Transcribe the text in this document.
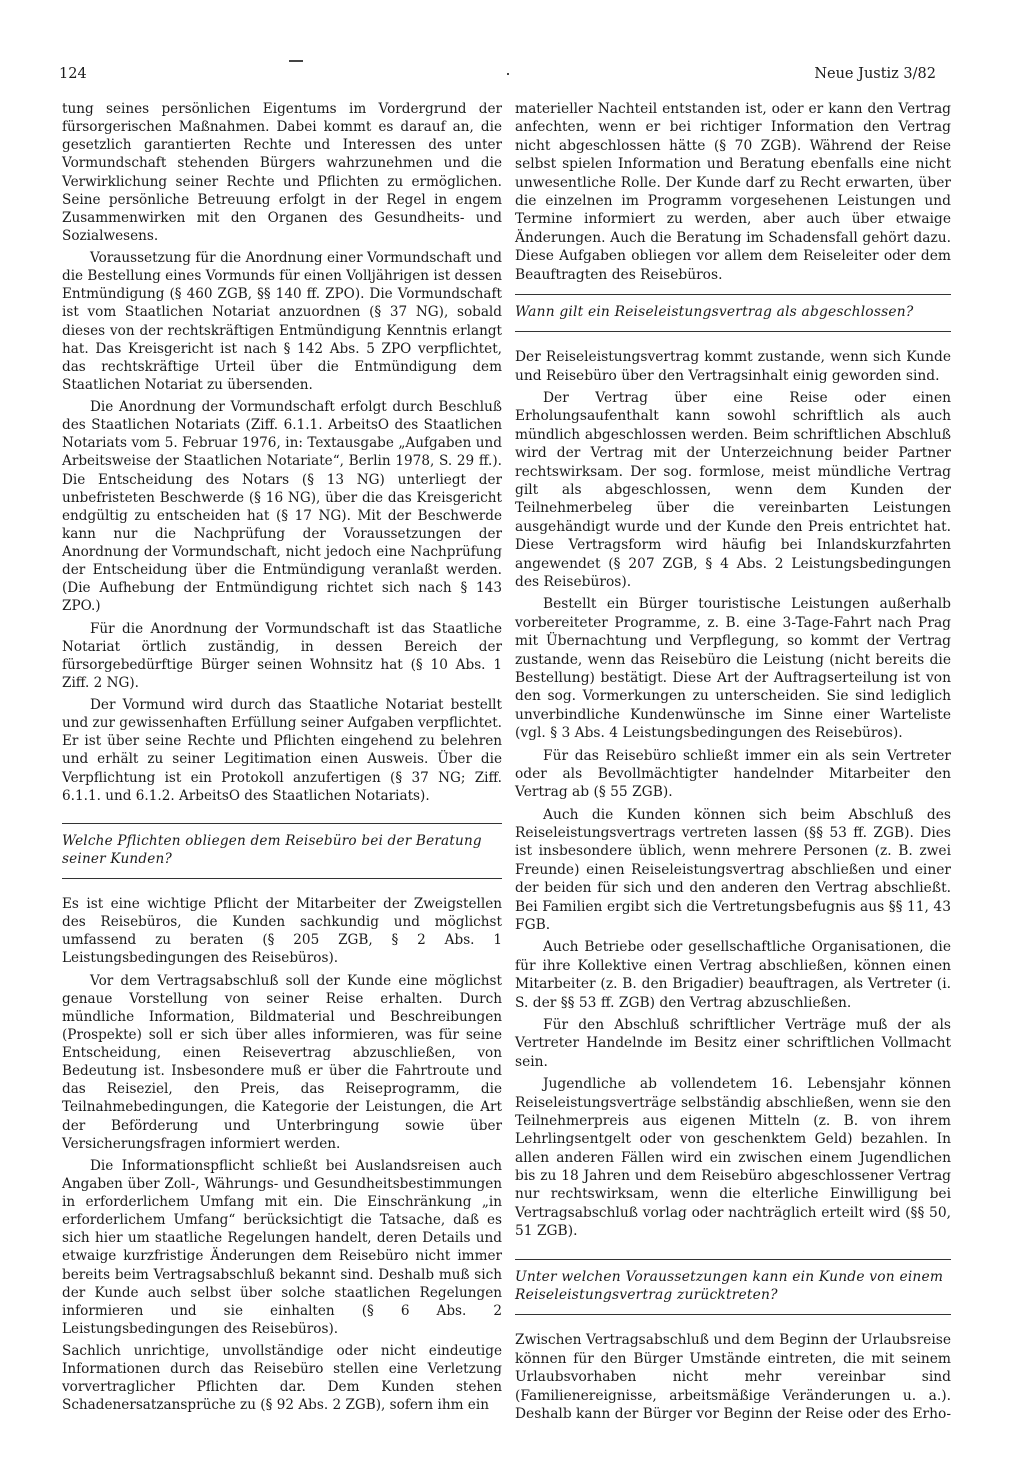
124	Neue Justiz 3/82

tung seines persönlichen Eigentums im Vordergrund der fürsorgerischen Maßnahmen. Dabei kommt es darauf an, die gesetzlich garantierten Rechte und Interessen des unter Vormundschaft stehenden Bürgers wahrzunehmen und die Verwirklichung seiner Rechte und Pflichten zu ermöglichen. Seine persönliche Betreuung erfolgt in der Regel in engem Zusammenwirken mit den Organen des Gesundheits- und Sozialwesens.

Voraussetzung für die Anordnung einer Vormundschaft und die Bestellung eines Vormunds für einen Volljährigen ist dessen Entmündigung (§ 460 ZGB, §§ 140 ff. ZPO). Die Vormundschaft ist vom Staatlichen Notariat anzuordnen (§ 37 NG), sobald dieses von der rechtskräftigen Entmündigung Kenntnis erlangt hat. Das Kreisgericht ist nach § 142 Abs. 5 ZPO verpflichtet, das rechtskräftige Urteil über die Entmündigung dem Staatlichen Notariat zu übersenden.

Die Anordnung der Vormundschaft erfolgt durch Beschluß des Staatlichen Notariats (Ziff. 6.1.1. ArbeitsO des Staatlichen Notariats vom 5. Februar 1976, in: Textausgabe „Aufgaben und Arbeitsweise der Staatlichen Notariate“, Berlin 1978, S. 29 ff.). Die Entscheidung des Notars (§ 13 NG) unterliegt der unbefristeten Beschwerde (§ 16 NG), über die das Kreisgericht endgültig zu entscheiden hat (§ 17 NG). Mit der Beschwerde kann nur die Nachprüfung der Voraussetzungen der Anordnung der Vormundschaft, nicht jedoch eine Nachprüfung der Entscheidung über die Entmündigung veranlaßt werden. (Die Aufhebung der Entmündigung richtet sich nach § 143 ZPO.)

Für die Anordnung der Vormundschaft ist das Staatliche Notariat örtlich zuständig, in dessen Bereich der fürsorgebedürftige Bürger seinen Wohnsitz hat (§ 10 Abs. 1 Ziff. 2 NG).

Der Vormund wird durch das Staatliche Notariat bestellt und zur gewissenhaften Erfüllung seiner Aufgaben verpflichtet. Er ist über seine Rechte und Pflichten eingehend zu belehren und erhält zu seiner Legitimation einen Ausweis. Über die Verpflichtung ist ein Protokoll anzufertigen (§ 37 NG; Ziff. 6.1.1. und 6.1.2. ArbeitsO des Staatlichen Notariats).

Welche Pflichten obliegen dem Reisebüro bei der Beratung seiner Kunden?

Es ist eine wichtige Pflicht der Mitarbeiter der Zweigstellen des Reisebüros, die Kunden sachkundig und möglichst umfassend zu beraten (§ 205 ZGB, § 2 Abs. 1 Leistungsbedingungen des Reisebüros).

Vor dem Vertragsabschluß soll der Kunde eine möglichst genaue Vorstellung von seiner Reise erhalten. Durch mündliche Information, Bildmaterial und Beschreibungen (Prospekte) soll er sich über alles informieren, was für seine Entscheidung, einen Reisevertrag abzuschließen, von Bedeutung ist. Insbesondere muß er über die Fahrtroute und das Reiseziel, den Preis, das Reiseprogramm, die Teilnahmebedingungen, die Kategorie der Leistungen, die Art der Beförderung und Unterbringung sowie über Versicherungsfragen informiert werden.

Die Informationspflicht schließt bei Auslandsreisen auch Angaben über Zoll-, Währungs- und Gesundheitsbestimmungen in erforderlichem Umfang mit ein. Die Einschränkung „in erforderlichem Umfang“ berücksichtigt die Tatsache, daß es sich hier um staatliche Regelungen handelt, deren Details und etwaige kurzfristige Änderungen dem Reisebüro nicht immer bereits beim Vertragsabschluß bekannt sind. Deshalb muß sich der Kunde auch selbst über solche staatlichen Regelungen informieren und sie einhalten (§ 6 Abs. 2 Leistungsbedingungen des Reisebüros).

Sachlich unrichtige, unvollständige oder nicht eindeutige Informationen durch das Reisebüro stellen eine Verletzung vorvertraglicher Pflichten dar. Dem Kunden stehen Schadenersatzansprüche zu (§ 92 Abs. 2 ZGB), sofern ihm ein

materieller Nachteil entstanden ist, oder er kann den Vertrag anfechten, wenn er bei richtiger Information den Vertrag nicht abgeschlossen hätte (§ 70 ZGB). Während der Reise selbst spielen Information und Beratung ebenfalls eine nicht unwesentliche Rolle. Der Kunde darf zu Recht erwarten, über die einzelnen im Programm vorgesehenen Leistungen und Termine informiert zu werden, aber auch über etwaige Änderungen. Auch die Beratung im Schadensfall gehört dazu. Diese Aufgaben obliegen vor allem dem Reiseleiter oder dem Beauftragten des Reisebüros.

Wann gilt ein Reiseleistungsvertrag als abgeschlossen?

Der Reiseleistungsvertrag kommt zustande, wenn sich Kunde und Reisebüro über den Vertragsinhalt einig geworden sind.

Der Vertrag über eine Reise oder einen Erholungsaufenthalt kann sowohl schriftlich als auch mündlich abgeschlossen werden. Beim schriftlichen Abschluß wird der Vertrag mit der Unterzeichnung beider Partner rechtswirksam. Der sog. formlose, meist mündliche Vertrag gilt als abgeschlossen, wenn dem Kunden der Teilnehmerbeleg über die vereinbarten Leistungen ausgehändigt wurde und der Kunde den Preis entrichtet hat. Diese Vertragsform wird häufig bei Inlandskurzfahrten angewendet (§ 207 ZGB, § 4 Abs. 2 Leistungsbedingungen des Reisebüros).

Bestellt ein Bürger touristische Leistungen außerhalb vorbereiteter Programme, z. B. eine 3-Tage-Fahrt nach Prag mit Übernachtung und Verpflegung, so kommt der Vertrag zustande, wenn das Reisebüro die Leistung (nicht bereits die Bestellung) bestätigt. Diese Art der Auftragserteilung ist von den sog. Vormerkungen zu unterscheiden. Sie sind lediglich unverbindliche Kundenwünsche im Sinne einer Warteliste (vgl. § 3 Abs. 4 Leistungsbedingungen des Reisebüros).

Für das Reisebüro schließt immer ein als sein Vertreter oder als Bevollmächtigter handelnder Mitarbeiter den Vertrag ab (§ 55 ZGB).

Auch die Kunden können sich beim Abschluß des Reiseleistungsvertrags vertreten lassen (§§ 53 ff. ZGB). Dies ist insbesondere üblich, wenn mehrere Personen (z. B. zwei Freunde) einen Reiseleistungsvertrag abschließen und einer der beiden für sich und den anderen den Vertrag abschließt. Bei Familien ergibt sich die Vertretungsbefugnis aus §§ 11, 43 FGB.

Auch Betriebe oder gesellschaftliche Organisationen, die für ihre Kollektive einen Vertrag abschließen, können einen Mitarbeiter (z. B. den Brigadier) beauftragen, als Vertreter (i. S. der §§ 53 ff. ZGB) den Vertrag abzuschließen.

Für den Abschluß schriftlicher Verträge muß der als Vertreter Handelnde im Besitz einer schriftlichen Vollmacht sein.

Jugendliche ab vollendetem 16. Lebensjahr können Reiseleistungsverträge selbständig abschließen, wenn sie den Teilnehmerpreis aus eigenen Mitteln (z. B. von ihrem Lehrlingsentgelt oder von geschenktem Geld) bezahlen. In allen anderen Fällen wird ein zwischen einem Jugendlichen bis zu 18 Jahren und dem Reisebüro abgeschlossener Vertrag nur rechtswirksam, wenn die elterliche Einwilligung bei Vertragsabschluß vorlag oder nachträglich erteilt wird (§§ 50, 51 ZGB).

Unter welchen Voraussetzungen kann ein Kunde von einem Reiseleistungsvertrag zurücktreten?

Zwischen Vertragsabschluß und dem Beginn der Urlaubsreise können für den Bürger Umstände eintreten, die mit seinem Urlaubsvorhaben nicht mehr vereinbar sind (Familienereignisse, arbeitsmäßige Veränderungen u. a.). Deshalb kann der Bürger vor Beginn der Reise oder des Erho-
